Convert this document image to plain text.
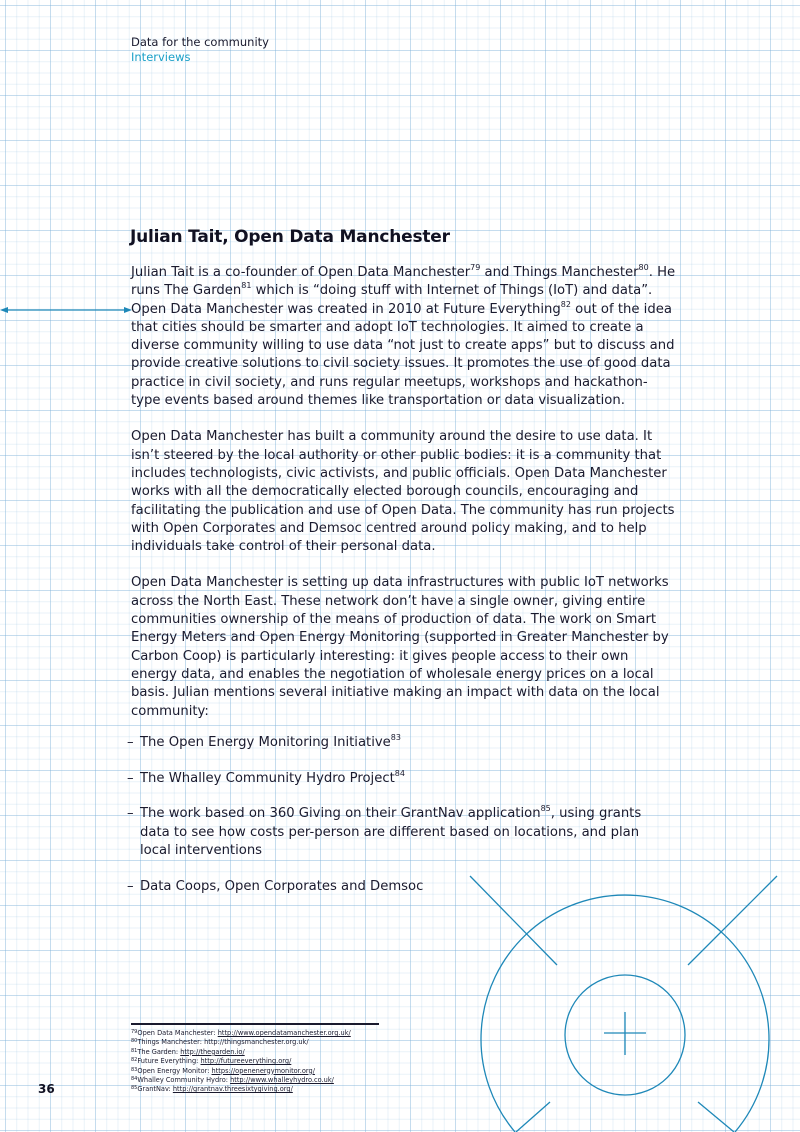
Data for the community
Interviews
Julian Tait, Open Data Manchester

Julian Tait is a co-founder of Open Data Manchester$^{79}$ and Things Manchester$^{80}$. He runs The Garden$^{81}$ which is “doing stuff with Internet of Things (IoT) and data”. Open Data Manchester was created in 2010 at Future Everything$^{82}$ out of the idea that cities should be smarter and adopt IoT technologies. It aimed to create a diverse community willing to use data “not just to create apps” but to discuss and provide creative solutions to civil society issues. It promotes the use of good data practice in civil society, and runs regular meetups, workshops and hackathon-type events based around themes like transportation or data visualization.

Open Data Manchester has built a community around the desire to use data. It isn’t steered by the local authority or other public bodies: it is a community that includes technologists, civic activists, and public officials. Open Data Manchester works with all the democratically elected borough councils, encouraging and facilitating the publication and use of Open Data. The community has run projects with Open Corporates and Demsoc centred around policy making, and to help individuals take control of their personal data.

Open Data Manchester is setting up data infrastructures with public IoT networks across the North East. These network don’t have a single owner, giving entire communities ownership of the means of production of data. The work on Smart Energy Meters and Open Energy Monitoring (supported in Greater Manchester by Carbon Coop) is particularly interesting: it gives people access to their own energy data, and enables the negotiation of wholesale energy prices on a local basis. Julian mentions several initiative making an impact with data on the local community:

– The Open Energy Monitoring Initiative$^{83}$
– The Whalley Community Hydro Project$^{84}$
– The work based on 360 Giving on their GrantNav application$^{85}$, using grants data to see how costs per-person are different based on locations, and plan local interventions
– Data Coops, Open Corporates and Demsoc
$^{79}$Open Data Manchester: http://www.opendatamanchester.org.uk/
$^{80}$Things Manchester: http://thingsmanchester.org.uk/
$^{81}$The Garden: http://thegarden.io/
$^{82}$Future Everything: http://futureeverything.org/
$^{83}$Open Energy Monitor: https://openenergymonitor.org/
$^{84}$Whalley Community Hydro: http://www.whalleyhydro.co.uk/
$^{85}$GrantNav: http://grantnav.threesixtygiving.org/
36
